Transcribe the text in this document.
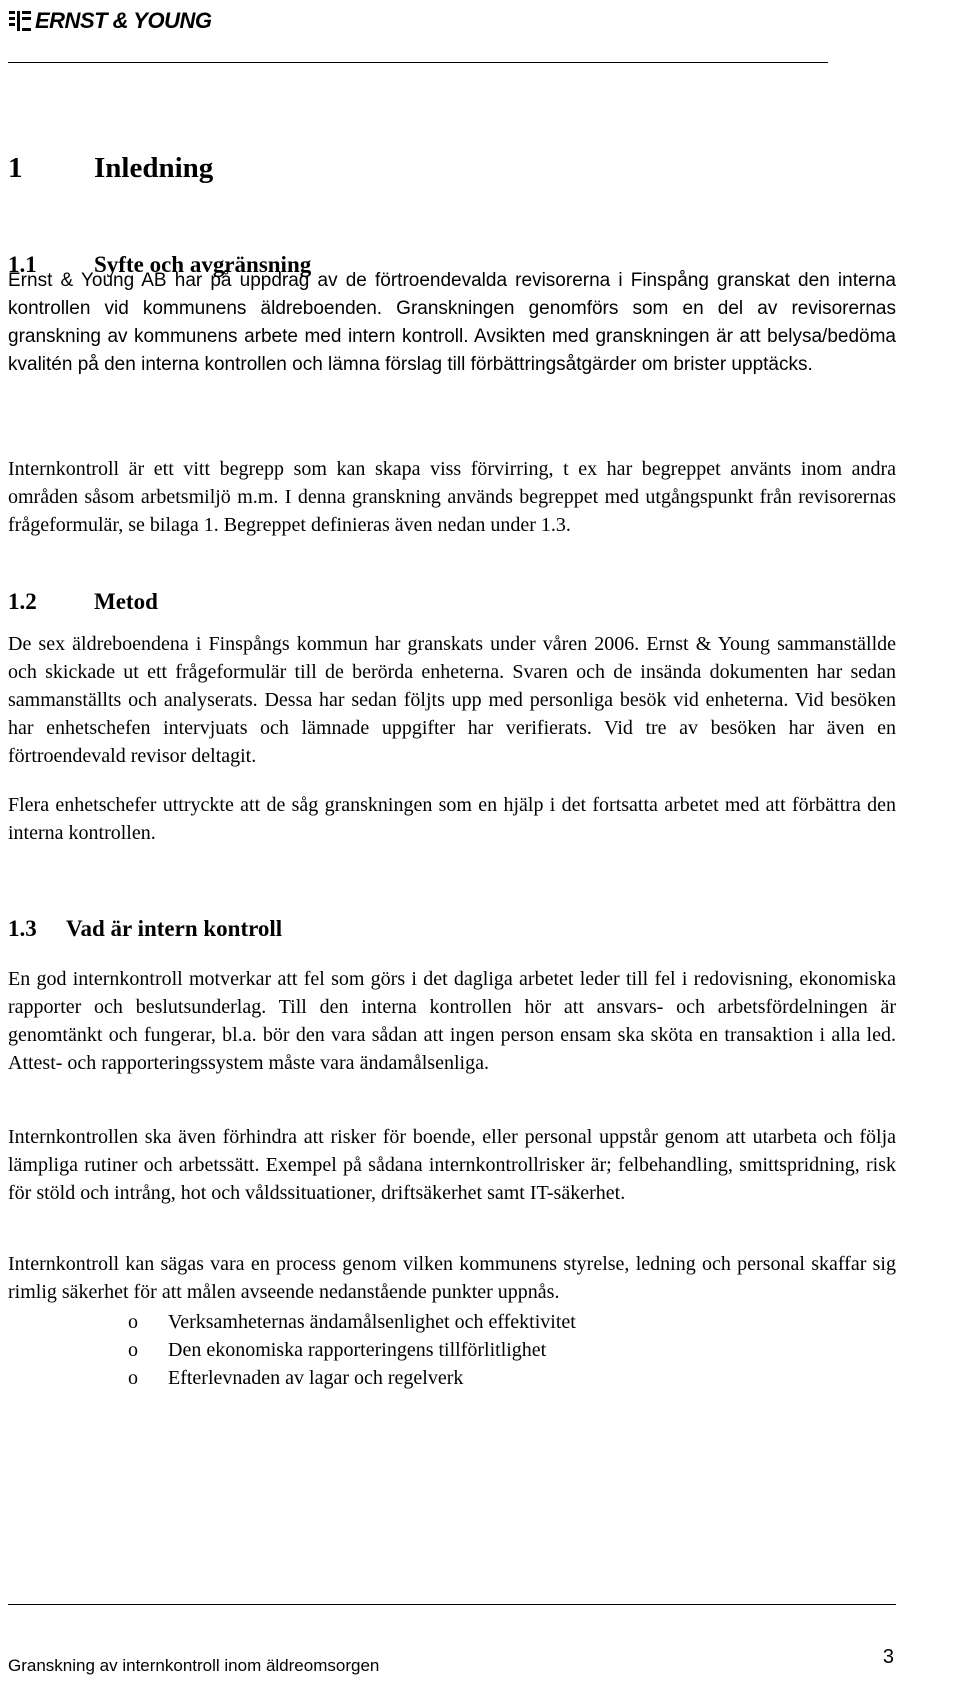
ERNST & YOUNG
1	Inledning
1.1	Syfte och avgränsning

Ernst & Young AB har på uppdrag av de förtroendevalda revisorerna i Finspång granskat den interna kontrollen vid kommunens äldreboenden. Granskningen genomförs som en del av revisorernas granskning av kommunens arbete med intern kontroll. Avsikten med granskningen är att belysa/bedöma kvalitén på den interna kontrollen och lämna förslag till förbättringsåtgärder om brister upptäcks.

Internkontroll är ett vitt begrepp som kan skapa viss förvirring, t ex har begreppet använts inom andra områden såsom arbetsmiljö m.m. I denna granskning används begreppet med utgångspunkt från revisorernas frågeformulär, se bilaga 1. Begreppet definieras även nedan under 1.3.

1.2	Metod

De sex äldreboendena i Finspångs kommun har granskats under våren 2006. Ernst & Young sammanställde och skickade ut ett frågeformulär till de berörda enheterna. Svaren och de insända dokumenten har sedan sammanställts och analyserats. Dessa har sedan följts upp med personliga besök vid enheterna. Vid besöken har enhetschefen intervjuats och lämnade uppgifter har verifierats. Vid tre av besöken har även en förtroendevald revisor deltagit.

Flera enhetschefer uttryckte att de såg granskningen som en hjälp i det fortsatta arbetet med att förbättra den interna kontrollen.

1.3	Vad är intern kontroll

En god internkontroll motverkar att fel som görs i det dagliga arbetet leder till fel i redovisning, ekonomiska rapporter och beslutsunderlag. Till den interna kontrollen hör att ansvars- och arbetsfördelningen är genomtänkt och fungerar, bl.a. bör den vara sådan att ingen person ensam ska sköta en transaktion i alla led. Attest- och rapporteringssystem måste vara ändamålsenliga.

Internkontrollen ska även förhindra att risker för boende, eller personal uppstår genom att utarbeta och följa lämpliga rutiner och arbetssätt. Exempel på sådana internkontrollrisker är; felbehandling, smittspridning, risk för stöld och intrång, hot och våldssituationer, driftsäkerhet samt IT-säkerhet.

Internkontroll kan sägas vara en process genom vilken kommunens styrelse, ledning och personal skaffar sig rimlig säkerhet för att målen avseende nedanstående punkter uppnås.

o	Verksamheternas ändamålsenlighet och effektivitet
o	Den ekonomiska rapporteringens tillförlitlighet
o	Efterlevnaden av lagar och regelverk
Granskning av internkontroll inom äldreomsorgen	3
